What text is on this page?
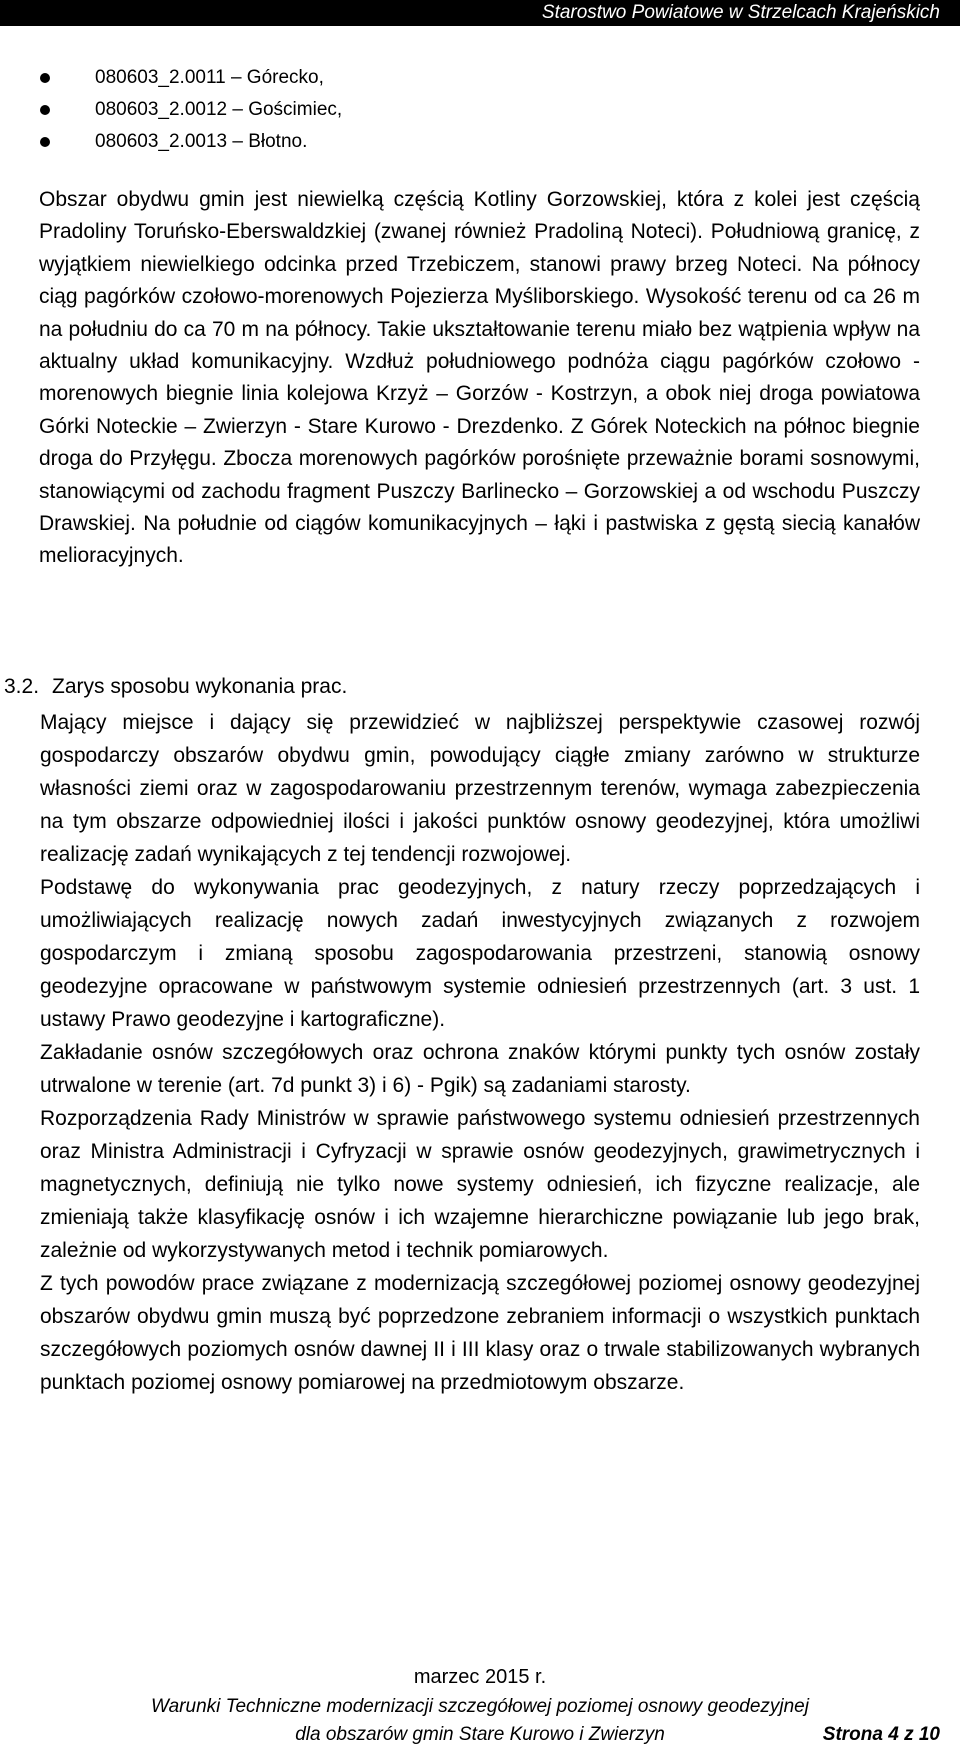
Starostwo Powiatowe w Strzelcach Krajeńskich
080603_2.0011 – Górecko,
080603_2.0012 – Gościmiec,
080603_2.0013 – Błotno.

Obszar obydwu gmin jest niewielką częścią Kotliny Gorzowskiej, która z kolei jest częścią Pradoliny Toruńsko-Eberswaldzkiej (zwanej również Pradoliną Noteci). Południową granicę, z wyjątkiem niewielkiego odcinka przed Trzebiczem, stanowi prawy brzeg Noteci. Na północy ciąg pagórków czołowo-morenowych Pojezierza Myśliborskiego. Wysokość terenu od ca 26 m na południu do ca 70 m na północy. Takie ukształtowanie terenu miało bez wątpienia wpływ na aktualny układ komunikacyjny. Wzdłuż południowego podnóża ciągu pagórków czołowo - morenowych biegnie linia kolejowa Krzyż – Gorzów - Kostrzyn, a obok niej droga powiatowa Górki Noteckie – Zwierzyn - Stare Kurowo - Drezdenko. Z Górek Noteckich na północ biegnie droga do Przyłęgu. Zbocza morenowych pagórków porośnięte przeważnie borami sosnowymi, stanowiącymi od zachodu fragment Puszczy Barlinecko – Gorzowskiej a od wschodu Puszczy Drawskiej. Na południe od ciągów komunikacyjnych – łąki i pastwiska z gęstą siecią kanałów melioracyjnych.

3.2. Zarys sposobu wykonania prac.

Mający miejsce i dający się przewidzieć w najbliższej perspektywie czasowej rozwój gospodarczy obszarów obydwu gmin, powodujący ciągłe zmiany zarówno w strukturze własności ziemi oraz w zagospodarowaniu przestrzennym terenów, wymaga zabezpieczenia na tym obszarze odpowiedniej ilości i jakości punktów osnowy geodezyjnej, która umożliwi realizację zadań wynikających z tej tendencji rozwojowej.

Podstawę do wykonywania prac geodezyjnych, z natury rzeczy poprzedzających i umożliwiających realizację nowych zadań inwestycyjnych związanych z rozwojem gospodarczym i zmianą sposobu zagospodarowania przestrzeni, stanowią osnowy geodezyjne opracowane w państwowym systemie odniesień przestrzennych (art. 3 ust. 1 ustawy Prawo geodezyjne i kartograficzne).

Zakładanie osnów szczegółowych oraz ochrona znaków którymi punkty tych osnów zostały utrwalone w terenie (art. 7d punkt 3) i 6) - Pgik) są zadaniami starosty.

Rozporządzenia Rady Ministrów w sprawie państwowego systemu odniesień przestrzennych oraz Ministra Administracji i Cyfryzacji w sprawie osnów geodezyjnych, grawimetrycznych i magnetycznych, definiują nie tylko nowe systemy odniesień, ich fizyczne realizacje, ale zmieniają także klasyfikację osnów i ich wzajemne hierarchiczne powiązanie lub jego brak, zależnie od wykorzystywanych metod i technik pomiarowych.

Z tych powodów prace związane z modernizacją szczegółowej poziomej osnowy geodezyjnej obszarów obydwu gmin muszą być poprzedzone zebraniem informacji o wszystkich punktach szczegółowych poziomych osnów dawnej II i III klasy oraz o trwale stabilizowanych wybranych punktach poziomej osnowy pomiarowej na przedmiotowym obszarze.

marzec 2015 r.
Warunki Techniczne modernizacji szczegółowej poziomej osnowy geodezyjnej
dla obszarów gmin Stare Kurowo i Zwierzyn	Strona 4 z 10
